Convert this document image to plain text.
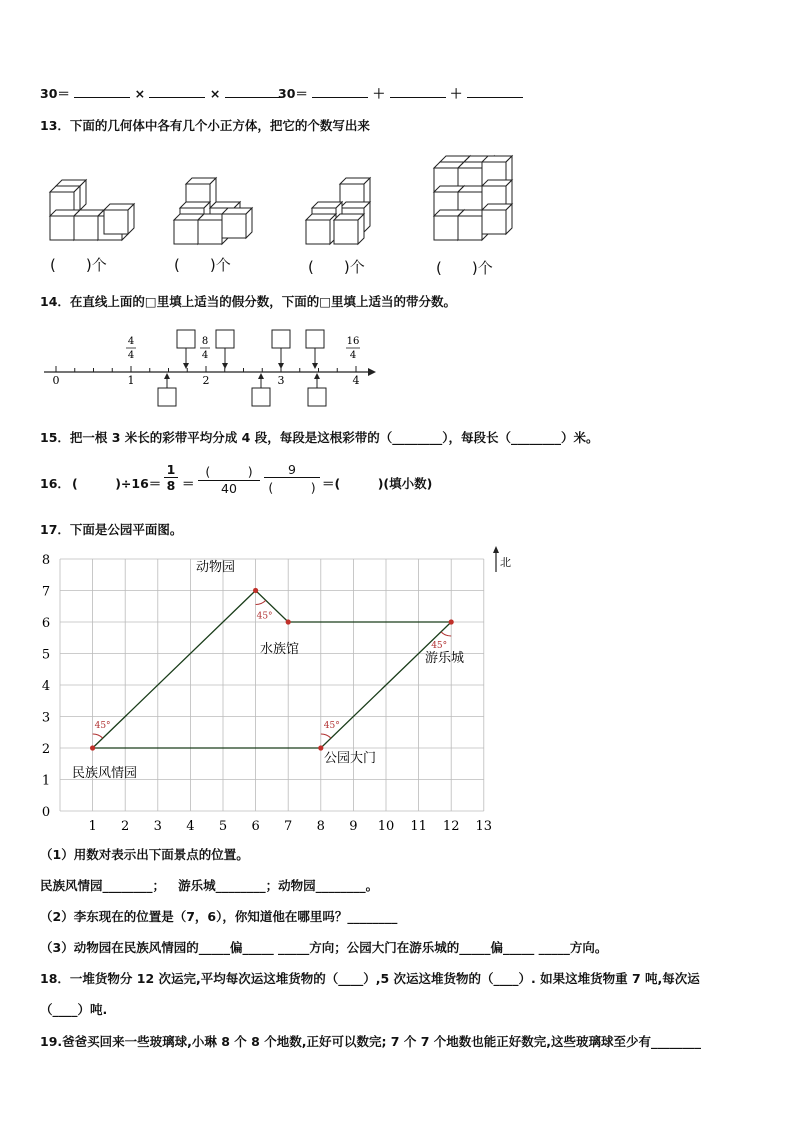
30＝	×	×	30＝	＋	＋
13．下面的几何体中各有几个小正方体，把它的个数写出来
(　　)个	(　　)个	(　　)个	(　　)个
14．在直线上面的□里填上适当的假分数，下面的□里填上适当的带分数。
0	1	2	3	4
4
4
8
4
16
4
15．把一根 3 米长的彩带平均分成 4 段，每段是这根彩带的（________），每段长（________）米。
16． (　　　)$\div 16= \frac{1}{8}$ ＝
(　　　)
40
9
(　　　) ＝(　　　)(填小数)
17．下面是公园平面图。
1 2 3 4 5 6 7 8 9 10 11 12 13
0
1
2
3
4
5
6
7
8
45°
45°
45°
45°
动物园
水族馆
游乐城
民族风情园
公园大门
北
（1）用数对表示出下面景点的位置。
民族风情园________； 游乐城________；动物园________。
（2）李东现在的位置是（7，6），你知道他在哪里吗？________
（3）动物园在民族风情园的_____偏_____ _____方向；公园大门在游乐城的_____偏_____ _____方向。
18．一堆货物分 12 次运完,平均每次运这堆货物的（____）,5 次运这堆货物的（____）. 如果这堆货物重 7 吨,每次运
（____）吨.
19.爸爸买回来一些玻璃球,小琳 8 个 8 个地数,正好可以数完; 7 个 7 个地数也能正好数完,这些玻璃球至少有________
